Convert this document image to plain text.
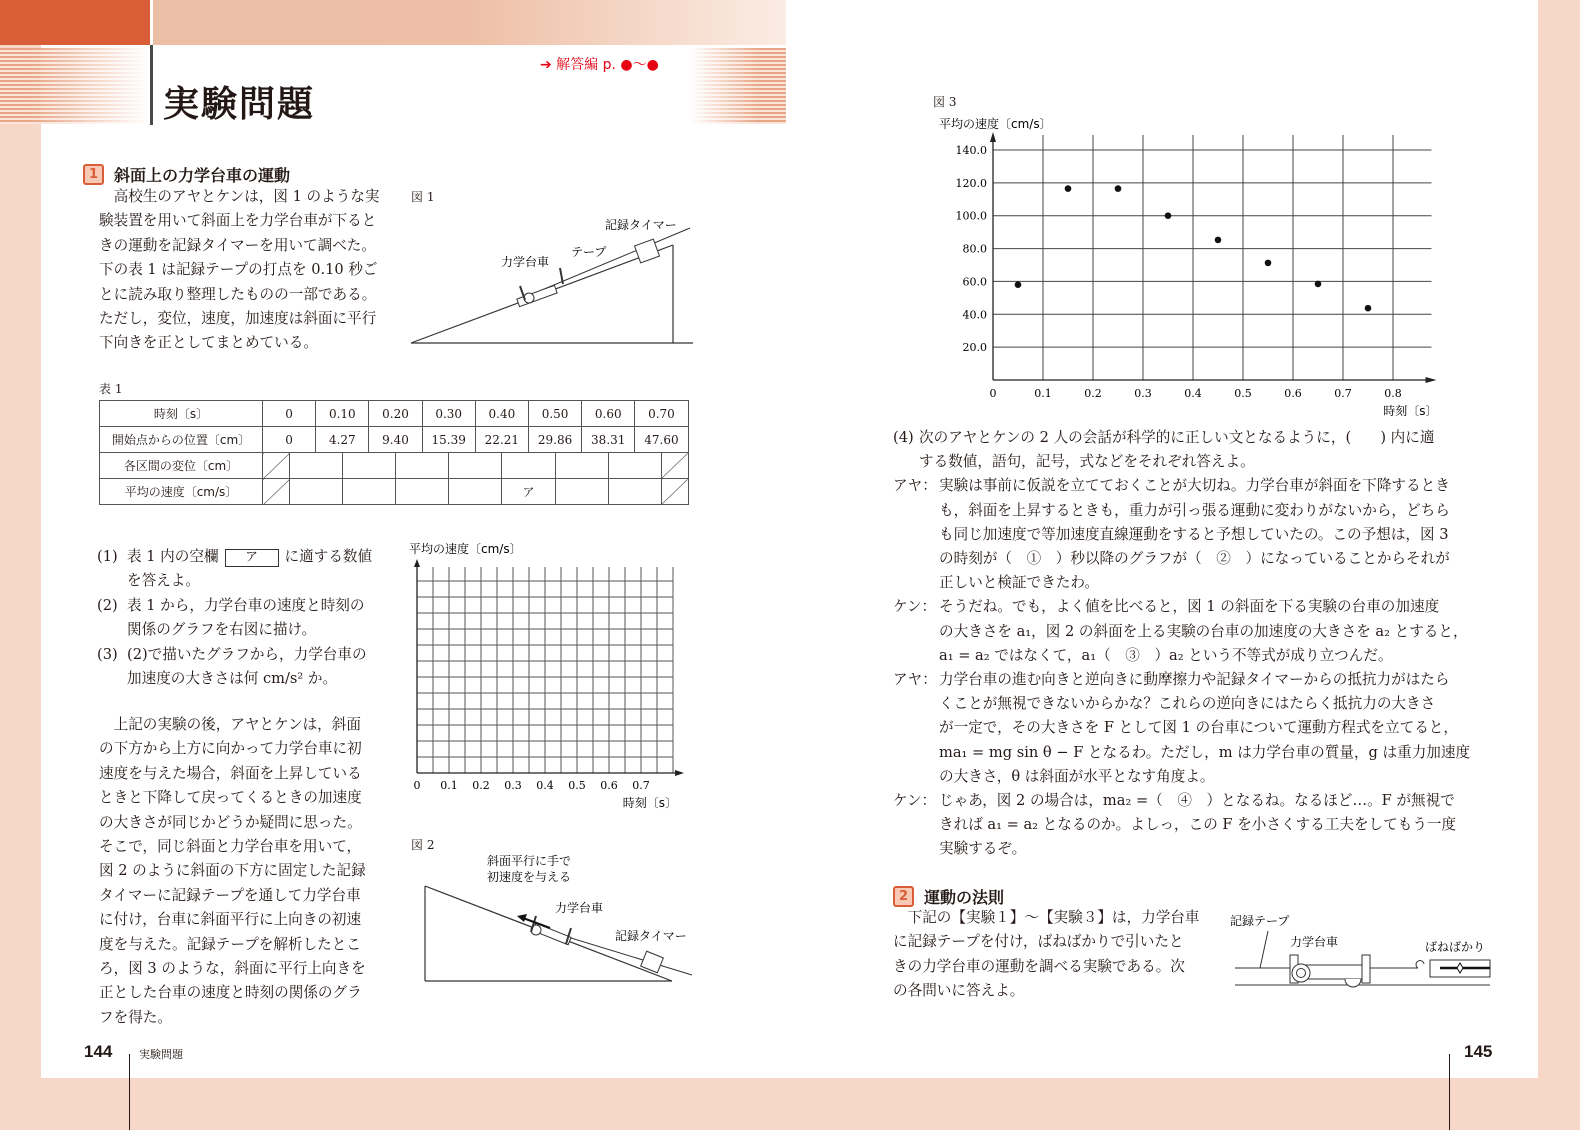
実験問題
➔ 解答編 p. ●〜●
1 斜面上の力学台車の運動

　高校生のアヤとケンは，図 1 のような実

験装置を用いて斜面上を力学台車が下ると

きの運動を記録タイマーを用いて調べた。

下の表 1 は記録テープの打点を 0.10 秒ご

とに読み取り整理したものの一部である。

ただし，変位，速度，加速度は斜面に平行

下向きを正としてまとめている。

図 1
記録タイマー
テープ
力学台車
表 1
時刻〔s〕	0		0.10		0.20		0.30		0.40		0.50		0.60		0.70	
開始点からの位置〔cm〕	0		4.27		9.40		15.39		22.21		29.86		38.31		47.60	
各区間の変位〔cm〕																
平均の速度〔cm/s〕										ア						
(1) 表 1 内の空欄 ア に適する数値
を答えよ。
(2) 表 1 から，力学台車の速度と時刻の
関係のグラフを右図に描け。
(3) (2)で描いたグラフから，力学台車の
加速度の大きさは何 cm/s² か。
平均の速度〔cm/s〕
0 0.1 0.2 0.3 0.4 0.5 0.6 0.7
時刻〔s〕

　上記の実験の後，アヤとケンは，斜面

の下方から上方に向かって力学台車に初

速度を与えた場合，斜面を上昇している

ときと下降して戻ってくるときの加速度

の大きさが同じかどうか疑問に思った。

そこで，同じ斜面と力学台車を用いて，

図 2 のように斜面の下方に固定した記録

タイマーに記録テープを通して力学台車

に付け，台車に斜面平行に上向きの初速

度を与えた。記録テープを解析したとこ

ろ，図 3 のような，斜面に平行上向きを

正とした台車の速度と時刻の関係のグラ

フを得た。

図 2
斜面平行に手で
初速度を与える
力学台車
記録タイマー
144 実験問題
図 3
平均の速度〔cm/s〕
20.0
40.0
60.0
80.0
100.0
120.0
140.0
0	0.1	0.2	0.3	0.4	0.5	0.6	0.7	0.8
時刻〔s〕
(4) 次のアヤとケンの 2 人の会話が科学的に正しい文となるように，(　　) 内に適
する数値，語句，記号，式などをそれぞれ答えよ。
アヤ： 実験は事前に仮説を立てておくことが大切ね。力学台車が斜面を下降するとき
も，斜面を上昇するときも，重力が引っ張る運動に変わりがないから，どちら
も同じ加速度で等加速度直線運動をすると予想していたの。この予想は，図 3
の時刻が（　①　）秒以降のグラフが（　②　）になっていることからそれが
正しいと検証できたわ。
ケン： そうだね。でも，よく値を比べると，図 1 の斜面を下る実験の台車の加速度
の大きさを a₁，図 2 の斜面を上る実験の台車の加速度の大きさを a₂ とすると，
a₁ = a₂ ではなくて，a₁（　③　）a₂ という不等式が成り立つんだ。
アヤ： 力学台車の進む向きと逆向きに動摩擦力や記録タイマーからの抵抗力がはたら
くことが無視できないからかな？これらの逆向きにはたらく抵抗力の大きさ
が一定で，その大きさを F として図 1 の台車について運動方程式を立てると，
ma₁ = mg sin θ − F となるわ。ただし，m は力学台車の質量，g は重力加速度
の大きさ，θ は斜面が水平となす角度よ。
ケン： じゃあ，図 2 の場合は，ma₂ =（　④　）となるね。なるほど…。F が無視で
きれば a₁ = a₂ となるのか。よしっ，この F を小さくする工夫をしてもう一度
実験するぞ。
2 運動の法則

　下記の【実験１】〜【実験３】は，力学台車

に記録テープを付け，ばねばかりで引いたと

きの力学台車の運動を調べる実験である。次

の各問いに答えよ。

記録テープ
力学台車	ばねばかり
145
